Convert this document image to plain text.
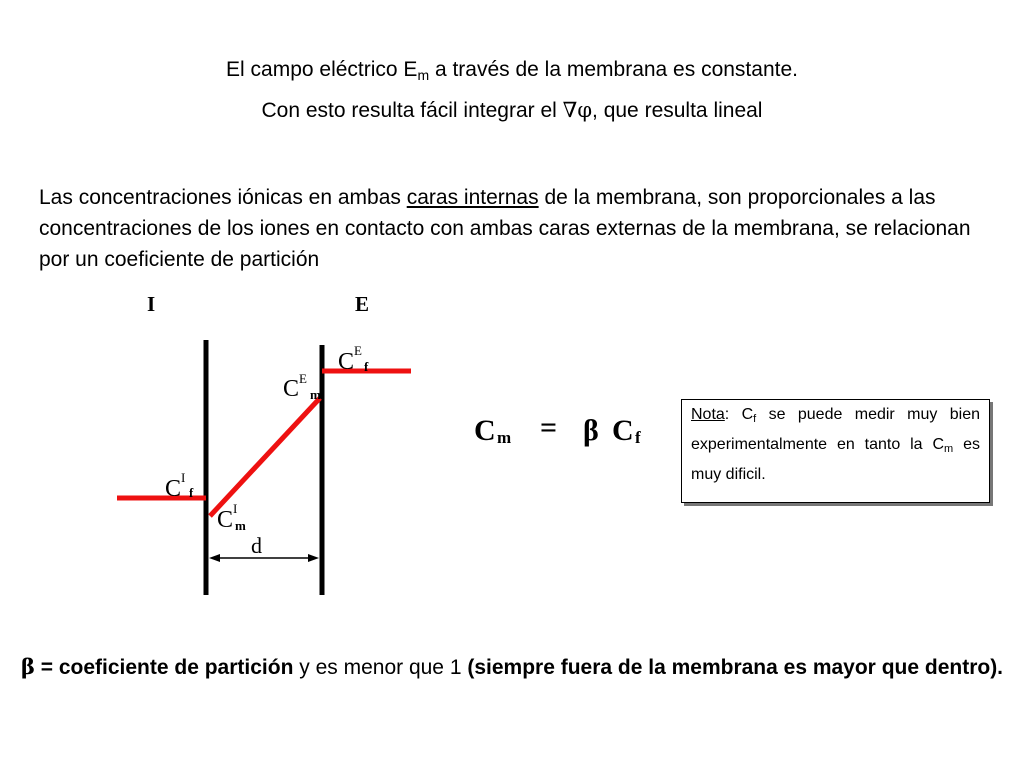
El campo eléctrico $E_m$ a través de la membrana es constante.
Con esto resulta fácil integrar el ∇φ, que resulta lineal
Las concentraciones iónicas en ambas caras internas de la membrana, son proporcionales a las concentraciones de los iones en contacto con ambas caras externas de la membrana, se relacionan por un coeficiente de partición
I	E
C E
f
C E
m
C I
f
C I
m
d
C m = β C f
Nota: $C_f$ se puede medir muy bien experimentalmente en tanto la $C_m$ es muy dificil.
β = coeficiente de partición y es menor que 1 (siempre fuera de la membrana es mayor que dentro).
